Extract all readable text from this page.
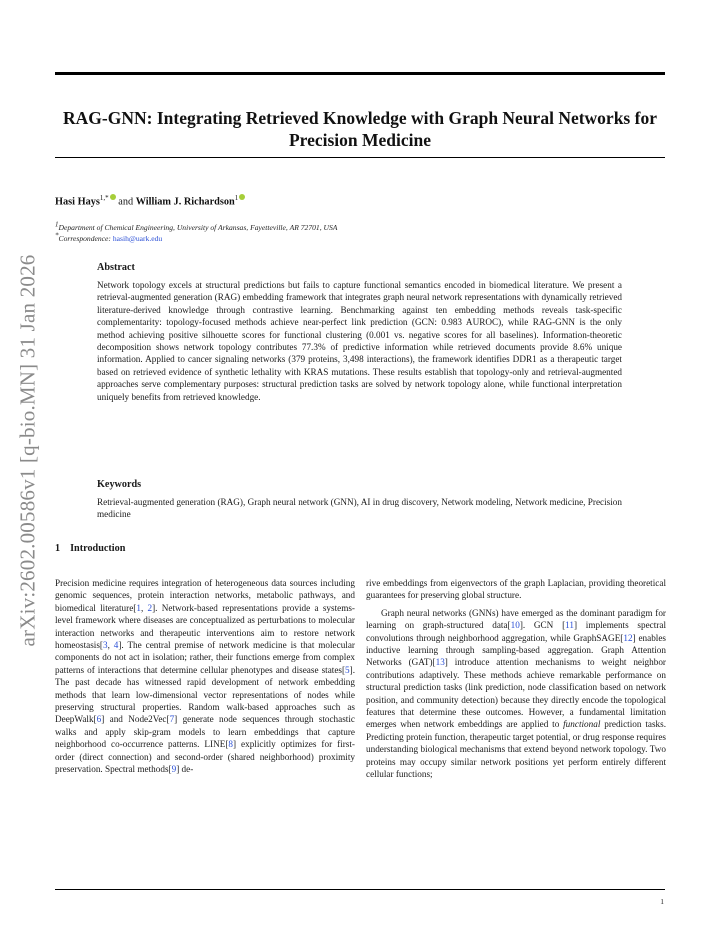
arXiv:2602.00586v1 [q-bio.MN] 31 Jan 2026
RAG-GNN: Integrating Retrieved Knowledge with Graph Neural Networks for Precision Medicine
Hasi Hays$^{1,*}$ and William J. Richardson$^1$
1Department of Chemical Engineering, University of Arkansas, Fayetteville, AR 72701, USA
*Correspondence: hasih@uark.edu
Abstract

Network topology excels at structural predictions but fails to capture functional semantics encoded in biomedical literature. We present a retrieval-augmented generation (RAG) embedding framework that integrates graph neural network representations with dynamically retrieved literature-derived knowledge through contrastive learning. Benchmarking against ten embedding methods reveals task-specific complementarity: topology-focused methods achieve near-perfect link prediction (GCN: 0.983 AUROC), while RAG-GNN is the only method achieving positive silhouette scores for functional clustering (0.001 vs. negative scores for all baselines). Information-theoretic decomposition shows network topology contributes 77.3% of predictive information while retrieved documents provide 8.6% unique information. Applied to cancer signaling networks (379 proteins, 3,498 interactions), the framework identifies DDR1 as a therapeutic target based on retrieved evidence of synthetic lethality with KRAS mutations. These results establish that topology-only and retrieval-augmented approaches serve complementary purposes: structural prediction tasks are solved by network topology alone, while functional interpretation uniquely benefits from retrieved knowledge.

Keywords

Retrieval-augmented generation (RAG), Graph neural network (GNN), AI in drug discovery, Network modeling, Network medicine, Precision medicine

1 Introduction

Precision medicine requires integration of heterogeneous data sources including genomic sequences, protein interaction networks, metabolic pathways, and biomedical literature[1, 2]. Network-based representations provide a systems-level framework where diseases are conceptualized as perturbations to molecular interaction networks and therapeutic interventions aim to restore network homeostasis[3, 4]. The central premise of network medicine is that molecular components do not act in isolation; rather, their functions emerge from complex patterns of interactions that determine cellular phenotypes and disease states[5]. The past decade has witnessed rapid development of network embedding methods that learn low-dimensional vector representations of nodes while preserving structural properties. Random walk-based approaches such as DeepWalk[6] and Node2Vec[7] generate node sequences through stochastic walks and apply skip-gram models to learn embeddings that capture neighborhood co-occurrence patterns. LINE[8] explicitly optimizes for first-order (direct connection) and second-order (shared neighborhood) proximity preservation. Spectral methods[9] de-

rive embeddings from eigenvectors of the graph Laplacian, providing theoretical guarantees for preserving global structure.

Graph neural networks (GNNs) have emerged as the dominant paradigm for learning on graph-structured data[10]. GCN [11] implements spectral convolutions through neighborhood aggregation, while GraphSAGE[12] enables inductive learning through sampling-based aggregation. Graph Attention Networks (GAT)[13] introduce attention mechanisms to weight neighbor contributions adaptively. These methods achieve remarkable performance on structural prediction tasks (link prediction, node classification based on network position, and community detection) because they directly encode the topological features that determine these outcomes. However, a fundamental limitation emerges when network embeddings are applied to functional prediction tasks. Predicting protein function, therapeutic target potential, or drug response requires understanding biological mechanisms that extend beyond network topology. Two proteins may occupy similar network positions yet perform entirely different cellular functions;

1
